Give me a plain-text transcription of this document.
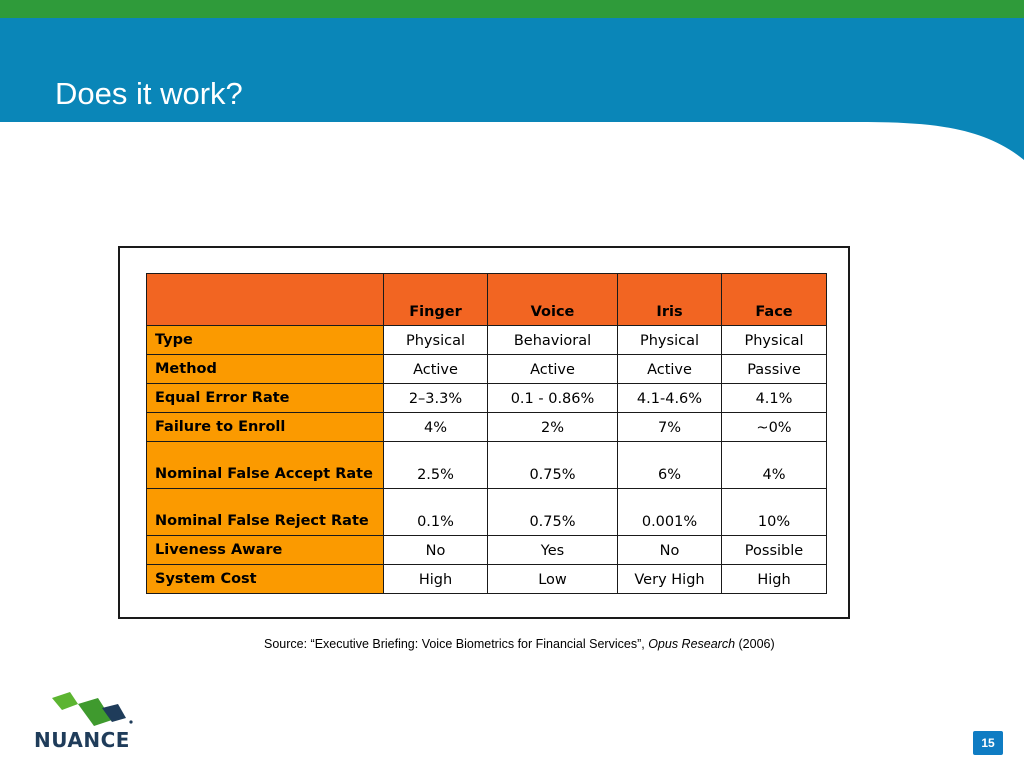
Does it work?
	Finger	Voice	Iris	Face
Type	Physical	Behavioral	Physical	Physical
Method	Active	Active	Active	Passive
Equal Error Rate	2–3.3%	0.1 - 0.86%	4.1-4.6%	4.1%
Failure to Enroll	4%	2%	7%	~0%
Nominal False Accept Rate	2.5%	0.75%	6%	4%
Nominal False Reject Rate	0.1%	0.75%	0.001%	10%
Liveness Aware	No	Yes	No	Possible
System Cost	High	Low	Very High	High
Source: “Executive Briefing: Voice Biometrics for Financial Services”, Opus Research (2006)
NUANCE	15
